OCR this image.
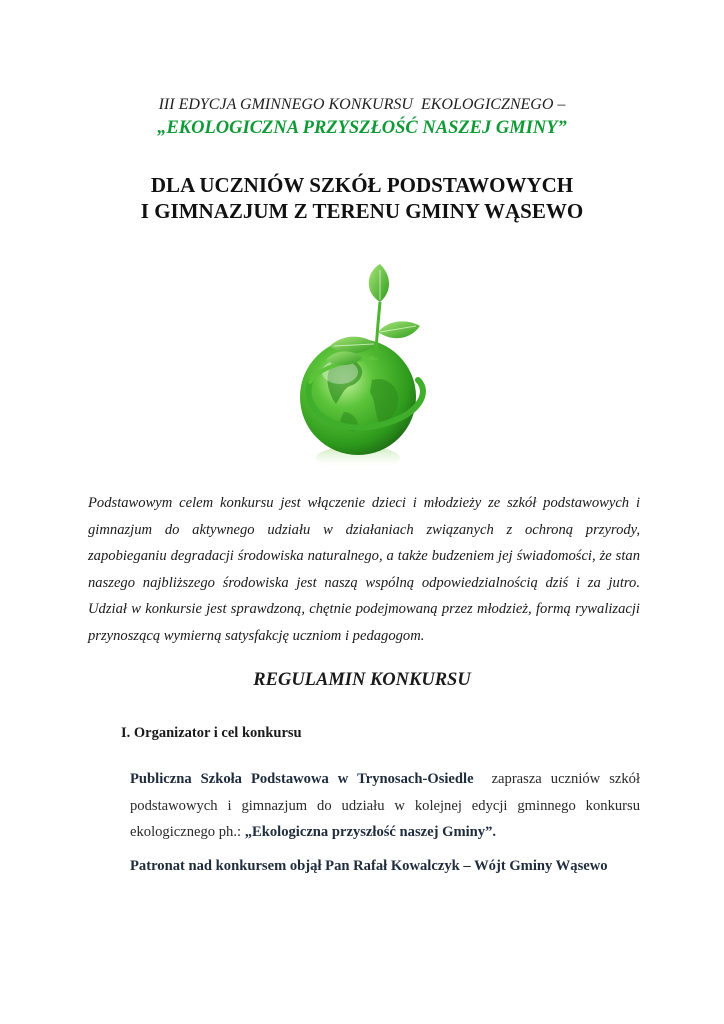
III EDYCJA GMINNEGO KONKURSU  EKOLOGICZNEGO –
„EKOLOGICZNA PRZYSZŁOŚĆ NASZEJ GMINY”
DLA UCZNIÓW SZKÓŁ PODSTAWOWYCH
I GIMNAZJUM Z TERENU GMINY WĄSEWO
Podstawowym celem konkursu jest włączenie dzieci i młodzieży ze szkół podstawowych i gimnazjum do aktywnego udziału w działaniach związanych z ochroną przyrody, zapobieganiu degradacji środowiska naturalnego, a także budzeniem jej świadomości, że stan naszego najbliższego środowiska jest naszą wspólną odpowiedzialnością dziś i za jutro. Udział w konkursie jest sprawdzoną, chętnie podejmowaną przez młodzież, formą rywalizacji przynoszącą wymierną satysfakcję uczniom i pedagogom.
REGULAMIN KONKURSU
I. Organizator i cel konkursu
Publiczna Szkoła Podstawowa w Trynosach-Osiedle zaprasza uczniów szkół podstawowych i gimnazjum do udziału w kolejnej edycji gminnego konkursu ekologicznego ph.: „Ekologiczna przyszłość naszej Gminy”.
Patronat nad konkursem objął Pan Rafał Kowalczyk – Wójt Gminy Wąsewo
